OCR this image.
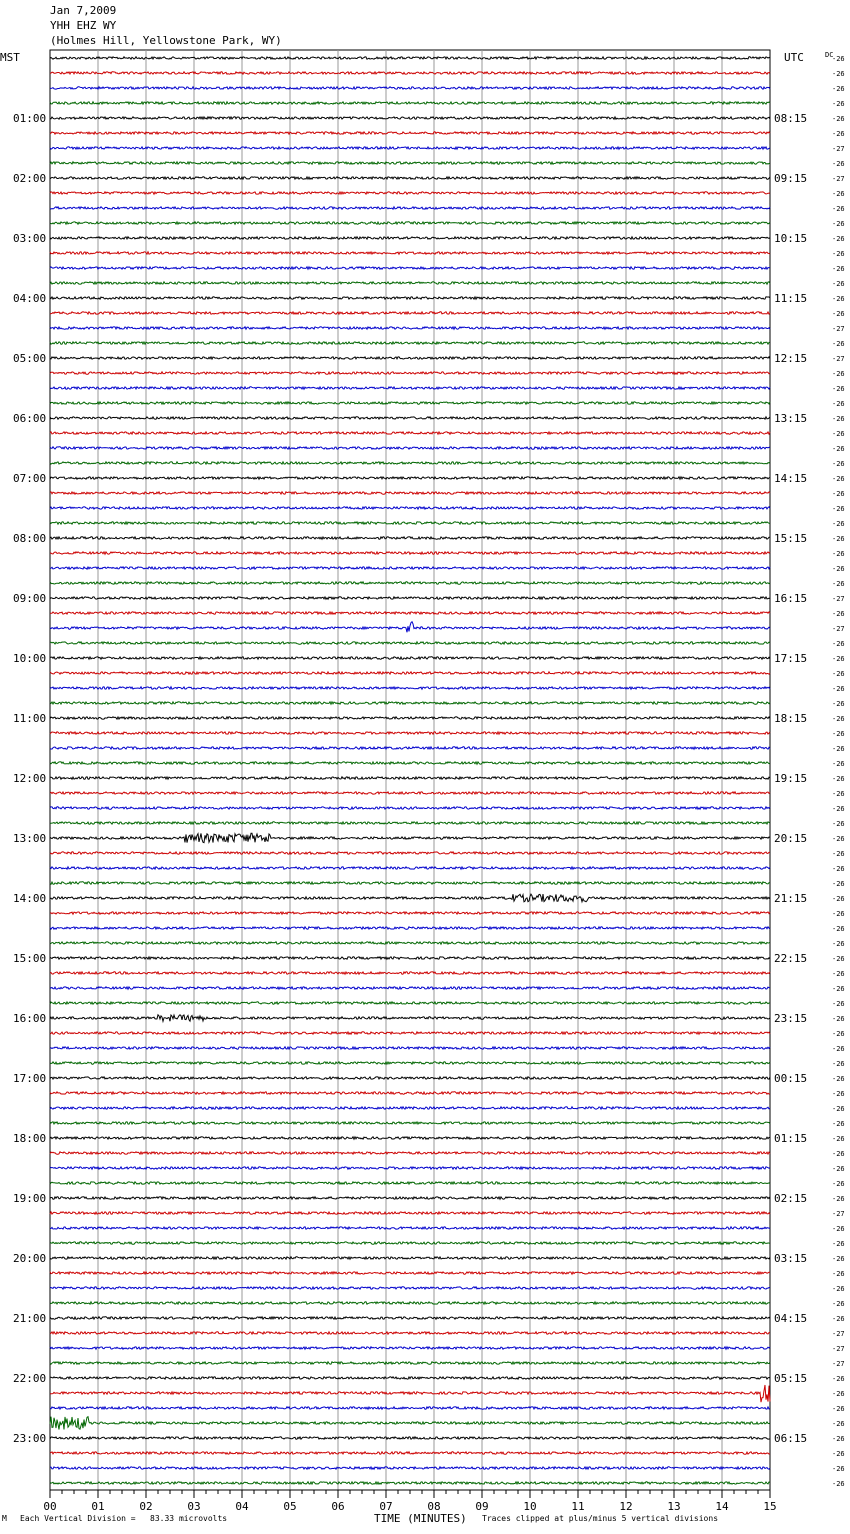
Jan 7,2009
YHH EHZ WY
(Holmes Hill, Yellowstone Park, WY)
MST	UTC	DC
01:00
02:00
03:00
04:00
05:00
06:00
07:00
08:00
09:00
10:00
11:00
12:00
13:00
14:00
15:00
16:00
17:00
18:00
19:00
20:00
21:00
22:00
23:00
08:15
09:15
10:15
11:15
12:15
13:15
14:15
15:15
16:15
17:15
18:15
19:15
20:15
21:15
22:15
23:15
00:15
01:15
02:15
03:15
04:15
05:15
06:15
-26
-26
-26
-26
-26
-26
-27
-26
-27
-26
-26
-26
-26
-26
-26
-26
-26
-26
-27
-26
-27
-26
-26
-26
-26
-26
-26
-26
-26
-26
-26
-26
-26
-26
-26
-26
-27
-26
-27
-26
-26
-26
-26
-26
-26
-26
-26
-26
-26
-26
-26
-26
-26
-26
-26
-26
-26
-26
-26
-26
-26
-26
-26
-26
-26
-26
-26
-26
-26
-26
-26
-26
-26
-26
-26
-26
-26
-27
-26
-26
-26
-26
-26
-26
-26
-27
-27
-27
-26
-26
-26
-26
-26
-26
-26
-26
00	01	02	03	04	05	06	07	08	09	10	11	12	13	14	15
TIME (MINUTES)
M Each Vertical Division =   83.33 microvolts	Traces clipped at plus/minus 5 vertical divisions
